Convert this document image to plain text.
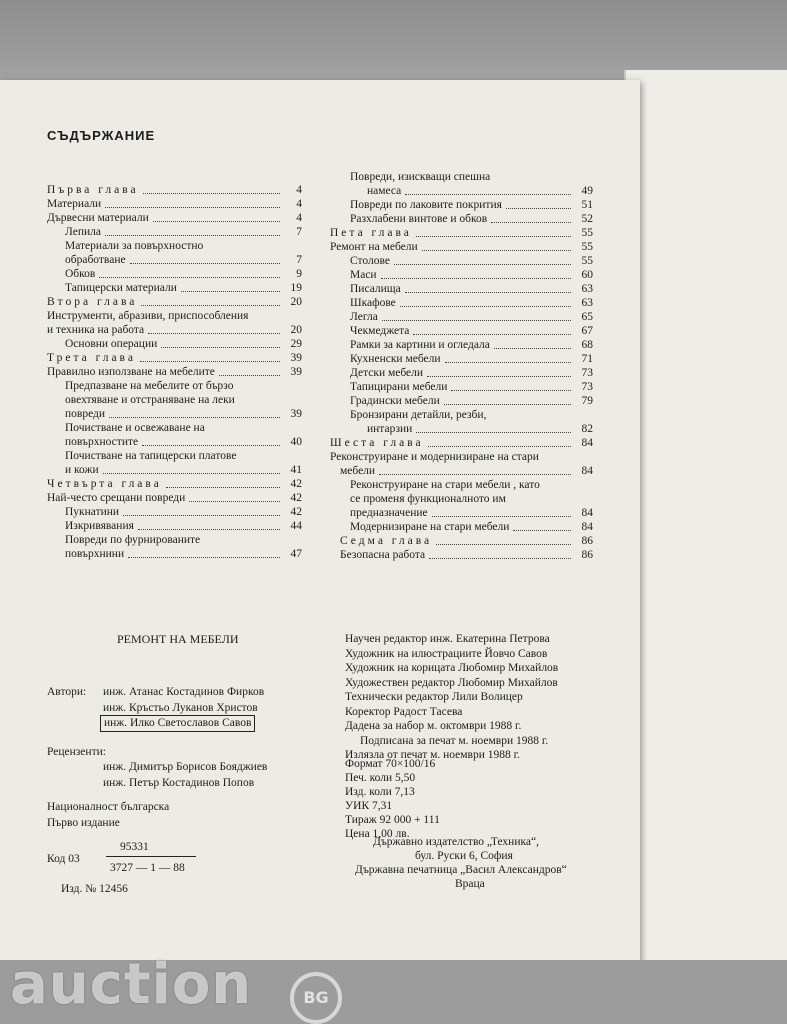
СЪДЪРЖАНИЕ
Първа глава	4
Материали	4
Дървесни материали	4
Лепила	7
Материали за повърхностно
обработване	7
Обков	9
Тапицерски материали	19
Втора глава	20
Инструменти, абразиви, приспособления
и техника на работа	20
Основни операции	29
Трета глава	39
Правилно използване на мебелите	39
Предпазване на мебелите от бързо
овехтяване и отстраняване на леки
повреди	39
Почистване и освежаване на
повърхностите	40
Почистване на тапицерски платове
и кожи	41
Четвърта глава	42
Най-често срещани повреди	42
Пукнатини	42
Изкривявания	44
Повреди по фурнированите
повърхнини	47
Повреди, изискващи спешна
намеса	49
Повреди по лаковите покрития	51
Разхлабени винтове и обков	52
Пета глава	55
Ремонт на мебели	55
Столове	55
Маси	60
Писалища	63
Шкафове	63
Легла	65
Чекмеджета	67
Рамки за картини и огледала	68
Кухненски мебели	71
Детски мебели	73
Тапицирани мебели	73
Градински мебели	79
Бронзирани детайли, резби,
интарзии	82
Шеста глава	84
Реконструиране и модернизиране на стари
мебели	84
Реконструиране на стари мебели , като
се променя функционалното им
предназначение	84
Модернизиране на стари мебели	84
Седма глава	86
Безопасна работа	86
РЕМОНТ НА МЕБЕЛИ
Автори: инж. Атанас Костадинов Фирков
инж. Кръстьо Луканов Христов
инж. Илко Светославов Савов
Рецензенти:
инж. Димитър Борисов Бояджиев
инж. Петър Костадинов Попов
Националност българска
Първо издание
Код 03
95331
3727 — 1 — 88
Изд. № 12456
Научен редактор инж. Екатерина Петрова
Художник на илюстрациите Йовчо Савов
Художник на корицата Любомир Михайлов
Художествен редактор Любомир Михайлов
Технически редактор Лили Волицер
Коректор Радост Тасева
Дадена за набор м. октомври 1988 г.
Подписана за печат м. ноември 1988 г.
Излязла от печат м. ноември 1988 г.
Формат 70×100/16
Печ. коли 5,50
Изд. коли 7,13
УИК 7,31
Тираж 92 000 + 111
Цена 1,00 лв.
Държавно издателство „Техника“,
бул. Руски 6, София
Държавна печатница „Васил Александров“
Враца
auction	BG
